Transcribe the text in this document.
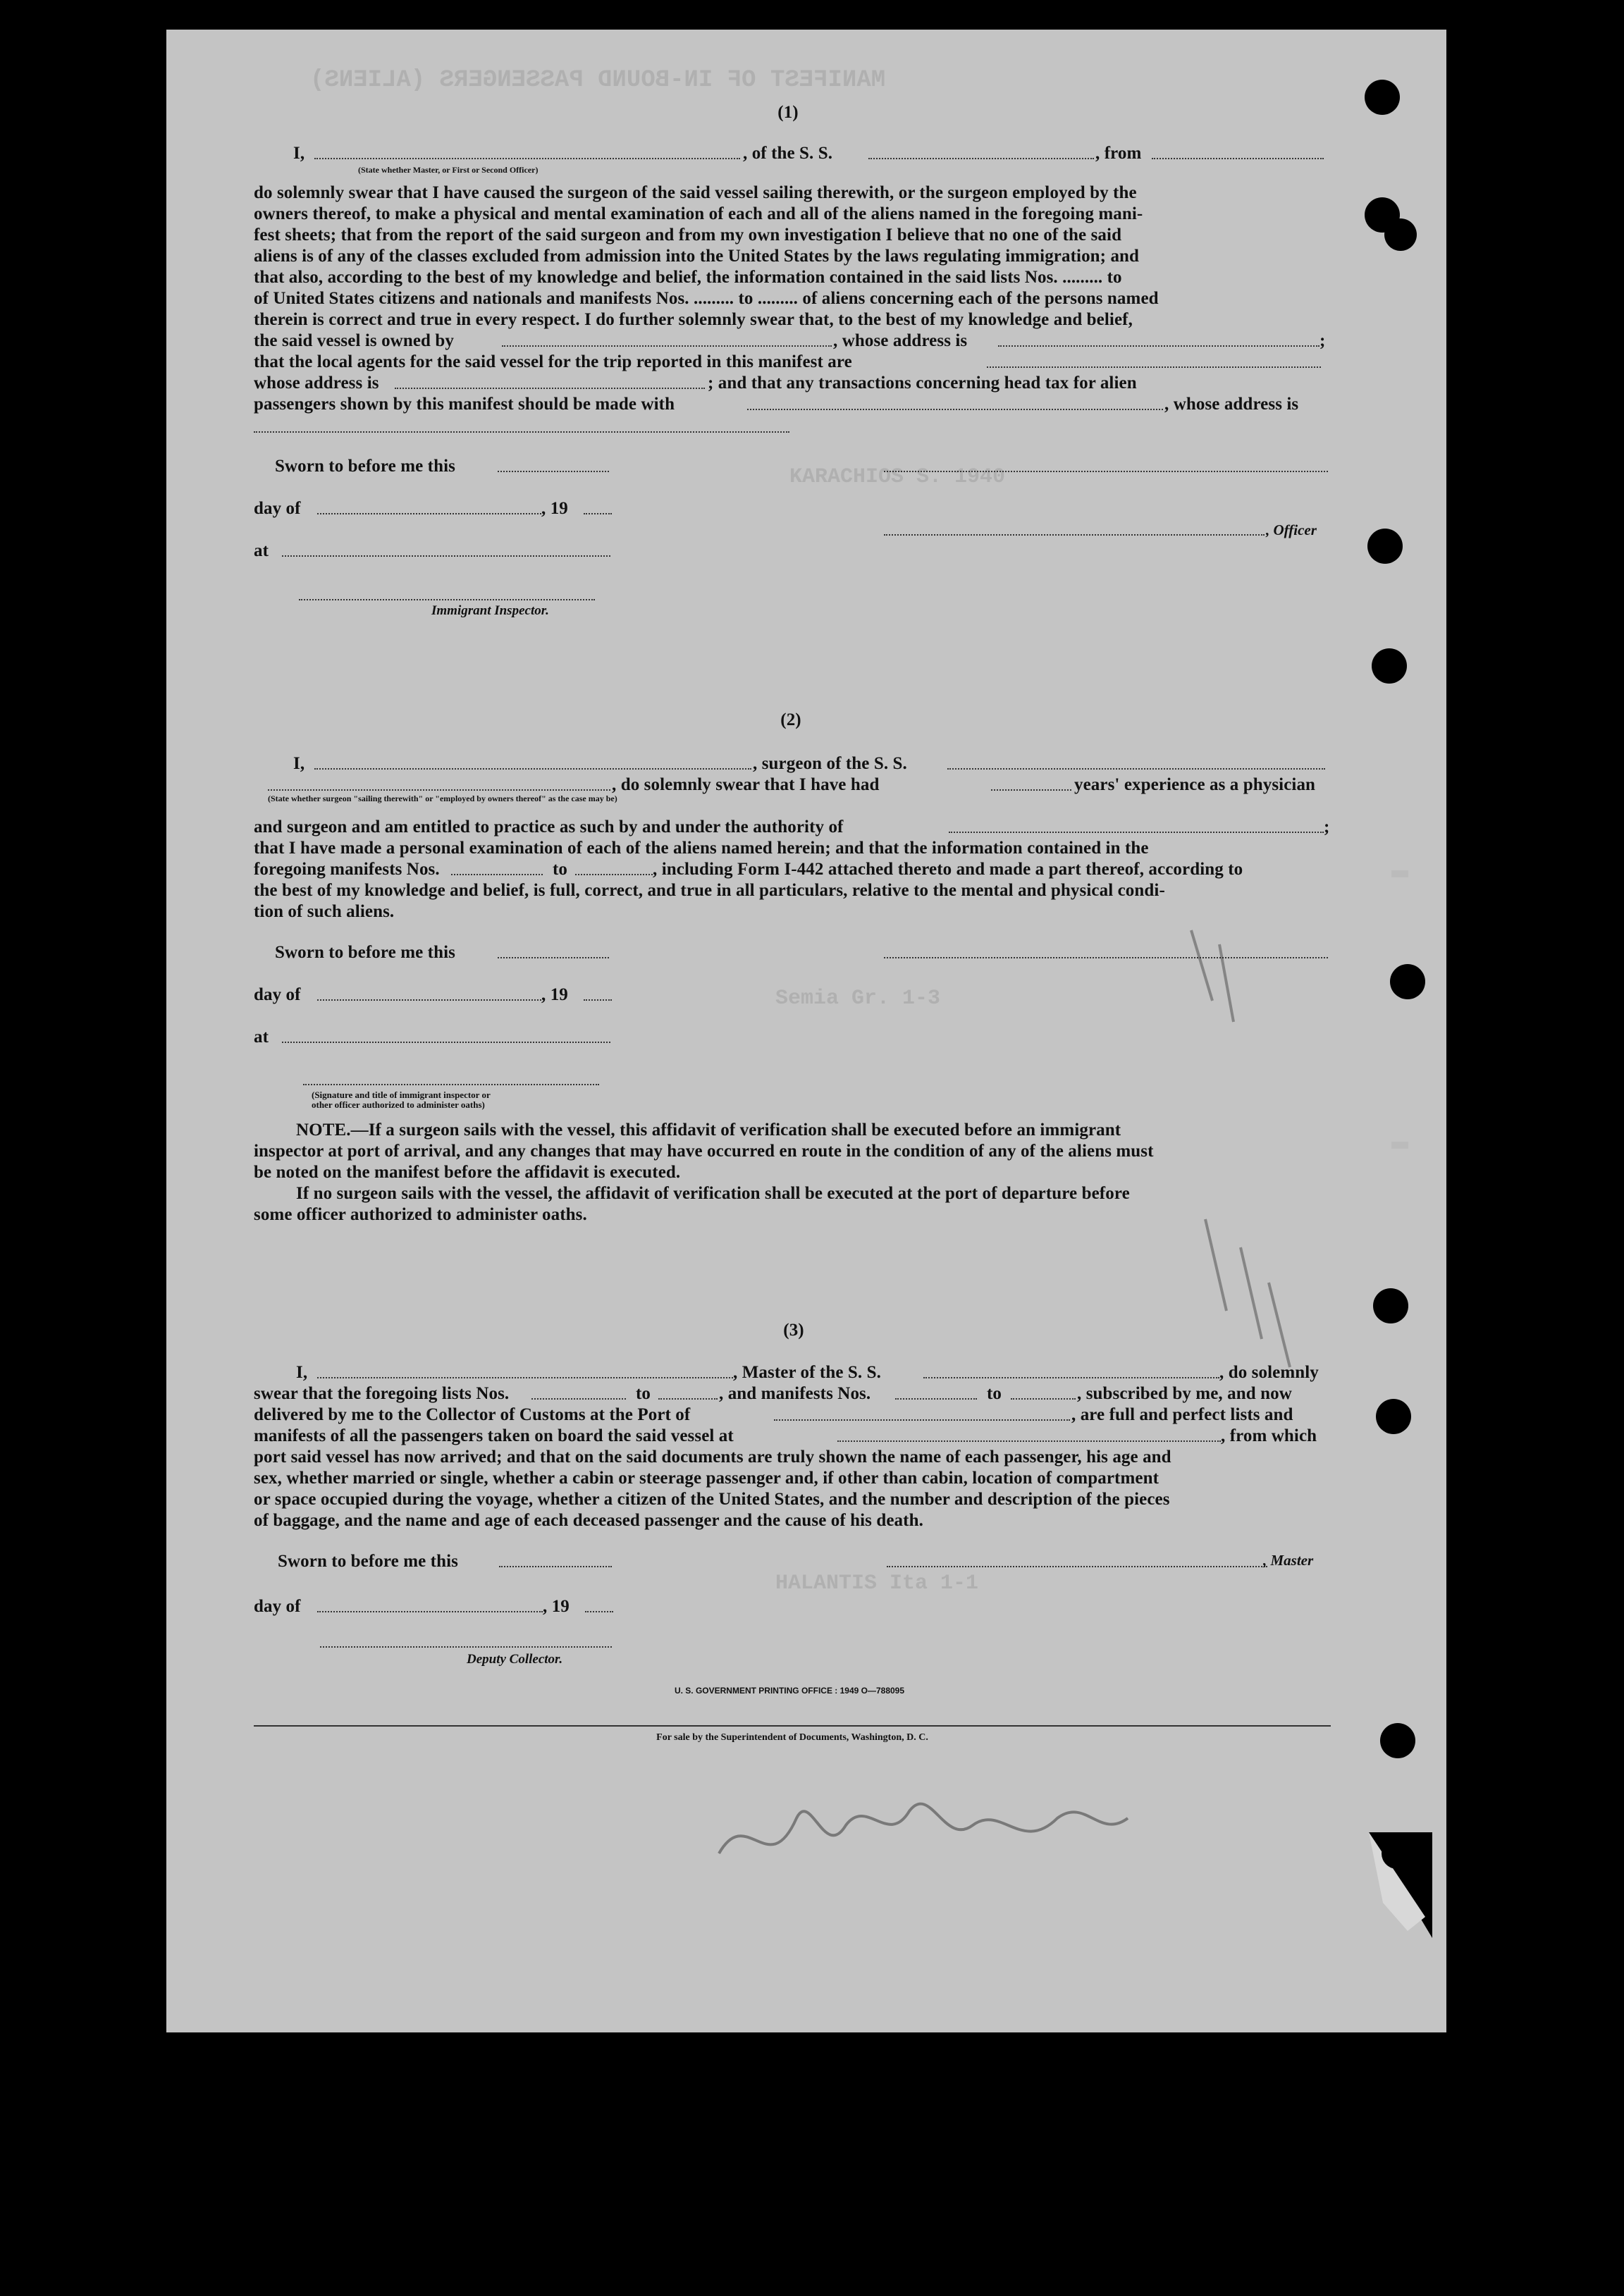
MANIFEST OF IN-BOUND PASSENGERS (ALIENS)
KARACHIOS S. 1940
Semia Gr. 1-3
HALANTIS Ita 1-1
(1)
I,	, of the S. S.	, from
(State whether Master, or First or Second Officer)
do solemnly swear that I have caused the surgeon of the said vessel sailing therewith, or the surgeon employed by the
owners thereof, to make a physical and mental examination of each and all of the aliens named in the foregoing mani-
fest sheets; that from the report of the said surgeon and from my own investigation I believe that no one of the said
aliens is of any of the classes excluded from admission into the United States by the laws regulating immigration; and
that also, according to the best of my knowledge and belief, the information contained in the said lists Nos. ......... to
of United States citizens and nationals and manifests Nos. ......... to ......... of aliens concerning each of the persons named
therein is correct and true in every respect. I do further solemnly swear that, to the best of my knowledge and belief,
the said vessel is owned by	, whose address is	;
that the local agents for the said vessel for the trip reported in this manifest are
whose address is	; and that any transactions concerning head tax for alien
passengers shown by this manifest should be made with	, whose address is
Sworn to before me this
day of	, 19
, Officer
at
Immigrant Inspector.
(2)
I,	, surgeon of the S. S.
, do solemnly swear that I have had	years' experience as a physician
(State whether surgeon "sailing therewith" or "employed by owners thereof" as the case may be)
and surgeon and am entitled to practice as such by and under the authority of	;
that I have made a personal examination of each of the aliens named herein; and that the information contained in the
foregoing manifests Nos.	to	, including Form I-442 attached thereto and made a part thereof, according to
the best of my knowledge and belief, is full, correct, and true in all particulars, relative to the mental and physical condi-
tion of such aliens.
Sworn to before me this
day of	, 19
at
(Signature and title of immigrant inspector or
other officer authorized to administer oaths)
NOTE.—If a surgeon sails with the vessel, this affidavit of verification shall be executed before an immigrant
inspector at port of arrival, and any changes that may have occurred en route in the condition of any of the aliens must
be noted on the manifest before the affidavit is executed.
If no surgeon sails with the vessel, the affidavit of verification shall be executed at the port of departure before
some officer authorized to administer oaths.
(3)
I,	, Master of the S. S.	, do solemnly
swear that the foregoing lists Nos.	to	, and manifests Nos.	to	, subscribed by me, and now
delivered by me to the Collector of Customs at the Port of	, are full and perfect lists and
manifests of all the passengers taken on board the said vessel at	, from which
port said vessel has now arrived; and that on the said documents are truly shown the name of each passenger, his age and
sex, whether married or single, whether a cabin or steerage passenger and, if other than cabin, location of compartment
or space occupied during the voyage, whether a citizen of the United States, and the number and description of the pieces
of baggage, and the name and age of each deceased passenger and the cause of his death.
Sworn to before me this	, Master
day of	, 19
Deputy Collector.
U. S. GOVERNMENT PRINTING OFFICE : 1949 O—788095
For sale by the Superintendent of Documents, Washington, D. C.
